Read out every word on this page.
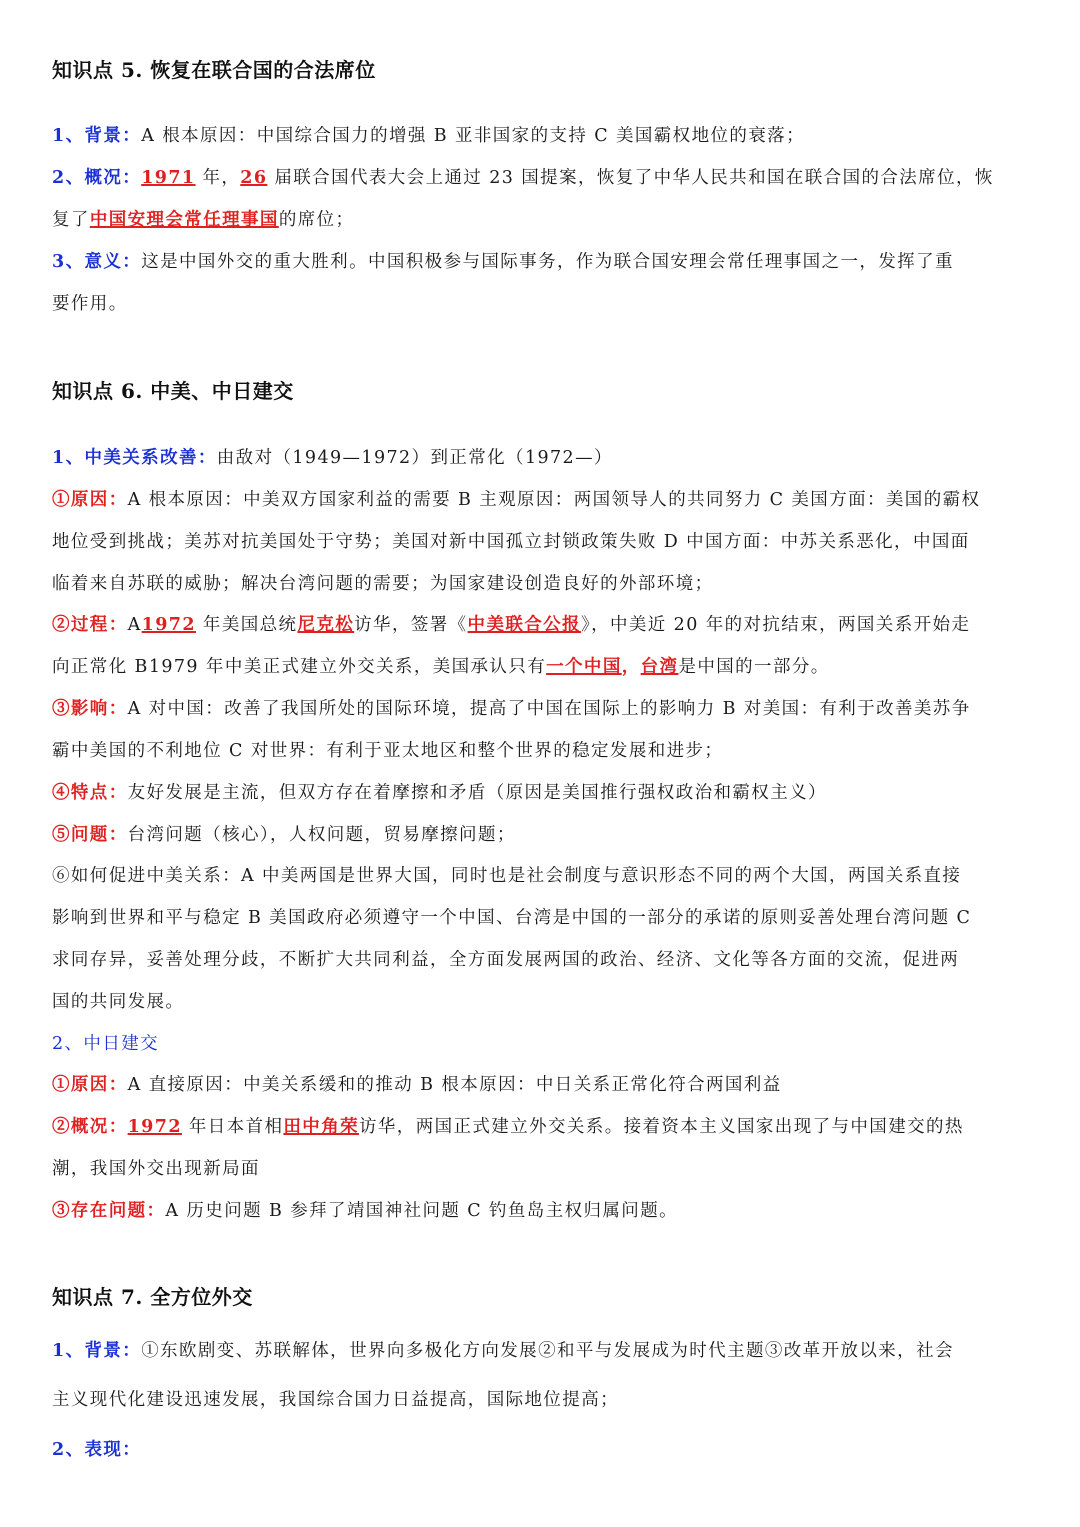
知识点 5. 恢复在联合国的合法席位
1、背景：A 根本原因：中国综合国力的增强 B 亚非国家的支持 C 美国霸权地位的衰落；
2、概况：1971 年，26 届联合国代表大会上通过 23 国提案，恢复了中华人民共和国在联合国的合法席位，恢
复了中国安理会常任理事国的席位；
3、意义：这是中国外交的重大胜利。中国积极参与国际事务，作为联合国安理会常任理事国之一，发挥了重
要作用。
知识点 6. 中美、中日建交
1、中美关系改善：由敌对（1949—1972）到正常化（1972—）
①原因：A 根本原因：中美双方国家利益的需要 B 主观原因：两国领导人的共同努力 C 美国方面：美国的霸权
地位受到挑战；美苏对抗美国处于守势；美国对新中国孤立封锁政策失败 D 中国方面：中苏关系恶化，中国面
临着来自苏联的威胁；解决台湾问题的需要；为国家建设创造良好的外部环境；
②过程：A1972 年美国总统尼克松访华，签署《中美联合公报》，中美近 20 年的对抗结束，两国关系开始走
向正常化 B1979 年中美正式建立外交关系，美国承认只有一个中国，台湾是中国的一部分。
③影响：A 对中国：改善了我国所处的国际环境，提高了中国在国际上的影响力 B 对美国：有利于改善美苏争
霸中美国的不利地位 C 对世界：有利于亚太地区和整个世界的稳定发展和进步；
④特点：友好发展是主流，但双方存在着摩擦和矛盾（原因是美国推行强权政治和霸权主义）
⑤问题：台湾问题（核心），人权问题，贸易摩擦问题；
⑥如何促进中美关系：A 中美两国是世界大国，同时也是社会制度与意识形态不同的两个大国，两国关系直接
影响到世界和平与稳定 B 美国政府必须遵守一个中国、台湾是中国的一部分的承诺的原则妥善处理台湾问题 C
求同存异，妥善处理分歧，不断扩大共同利益，全方面发展两国的政治、经济、文化等各方面的交流，促进两
国的共同发展。
2、中日建交
①原因：A 直接原因：中美关系缓和的推动 B 根本原因：中日关系正常化符合两国利益
②概况：1972 年日本首相田中角荣访华，两国正式建立外交关系。接着资本主义国家出现了与中国建交的热
潮，我国外交出现新局面
③存在问题：A 历史问题 B 参拜了靖国神社问题 C 钓鱼岛主权归属问题。
知识点 7. 全方位外交
1、背景：①东欧剧变、苏联解体，世界向多极化方向发展②和平与发展成为时代主题③改革开放以来，社会
主义现代化建设迅速发展，我国综合国力日益提高，国际地位提高；
2、表现：
